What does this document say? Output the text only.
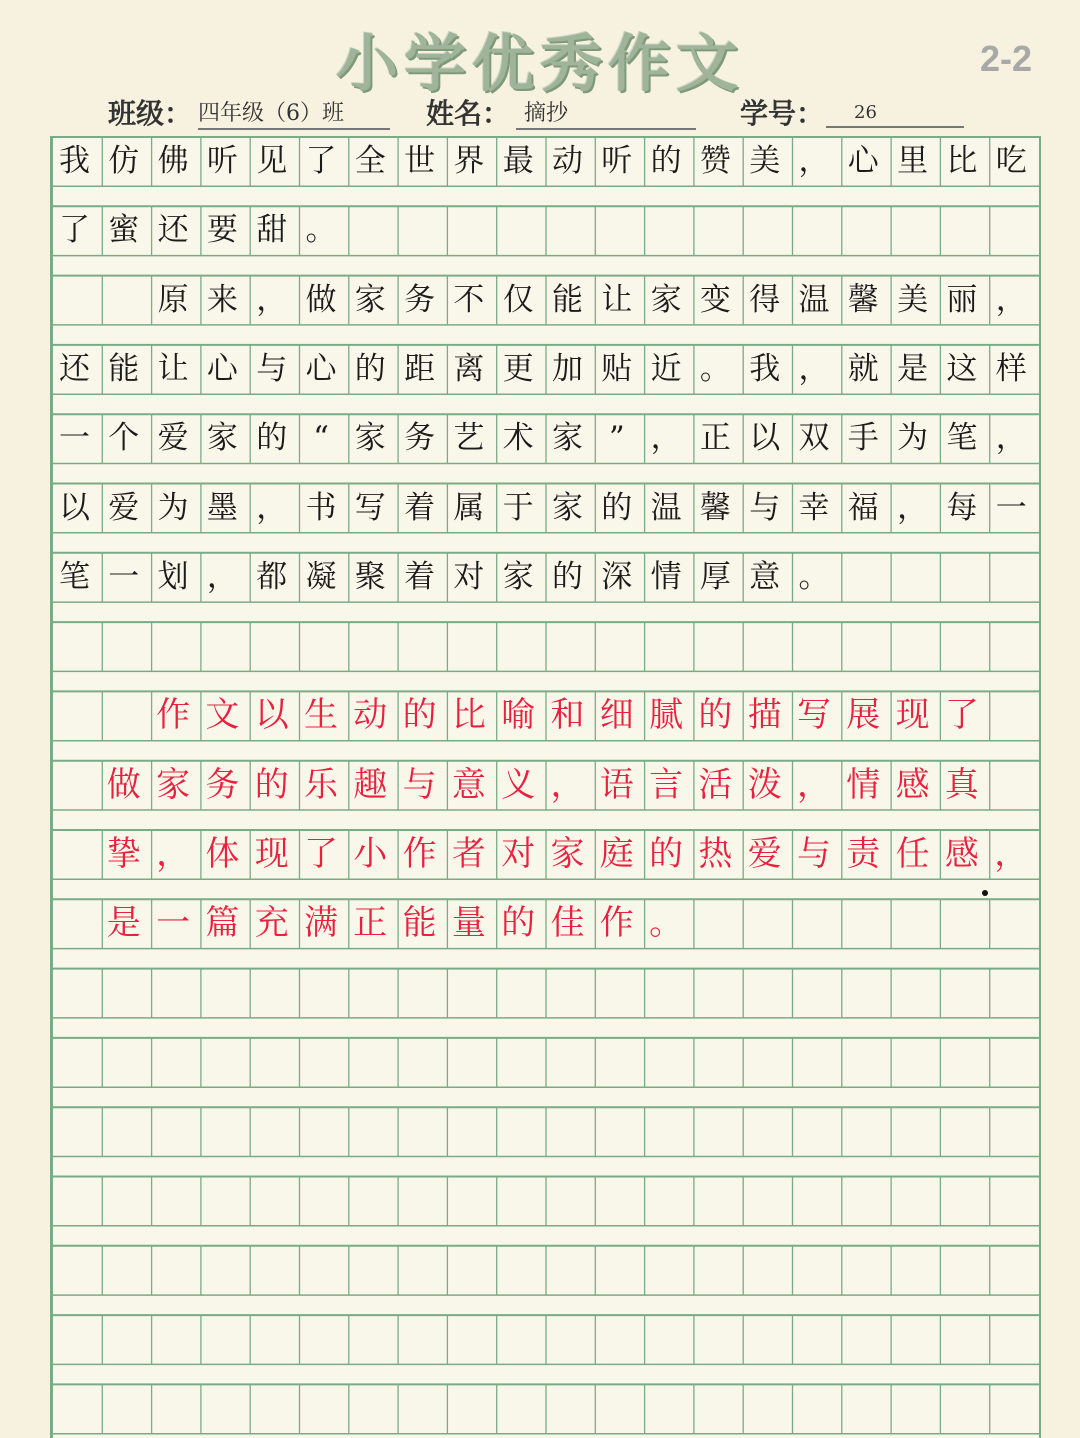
小学优秀作文	2-2
班级： 四年级（6）班	姓名： 摘抄	学号：	26
我 仿 佛 听 见 了 全 世 界 最 动 听 的 赞 美 ， 心 里 比 吃
了 蜜 还 要 甜 。

原 来 ， 做 家 务 不 仅 能 让 家 变 得 温 馨 美 丽 ，
还 能 让 心 与 心 的 距 离 更 加 贴 近 。 我 ， 就 是 这 样
一 个 爱 家 的 “ 家 务 艺 术 家 ” ， 正 以 双 手 为 笔 ，
以 爱 为 墨 ， 书 写 着 属 于 家 的 温 馨 与 幸 福 ， 每 一
笔 一 划 ， 都 凝 聚 着 对 家 的 深 情 厚 意 。

作 文 以 生 动 的 比 喻 和 细 腻 的 描 写 展 现 了

做 家 务 的 乐 趣 与 意 义 ， 语 言 活 泼 ， 情 感 真

挚 ， 体 现 了 小 作 者 对 家 庭 的 热 爱 与 责 任 感 ，

是 一 篇 充 满 正 能 量 的 佳 作 。
